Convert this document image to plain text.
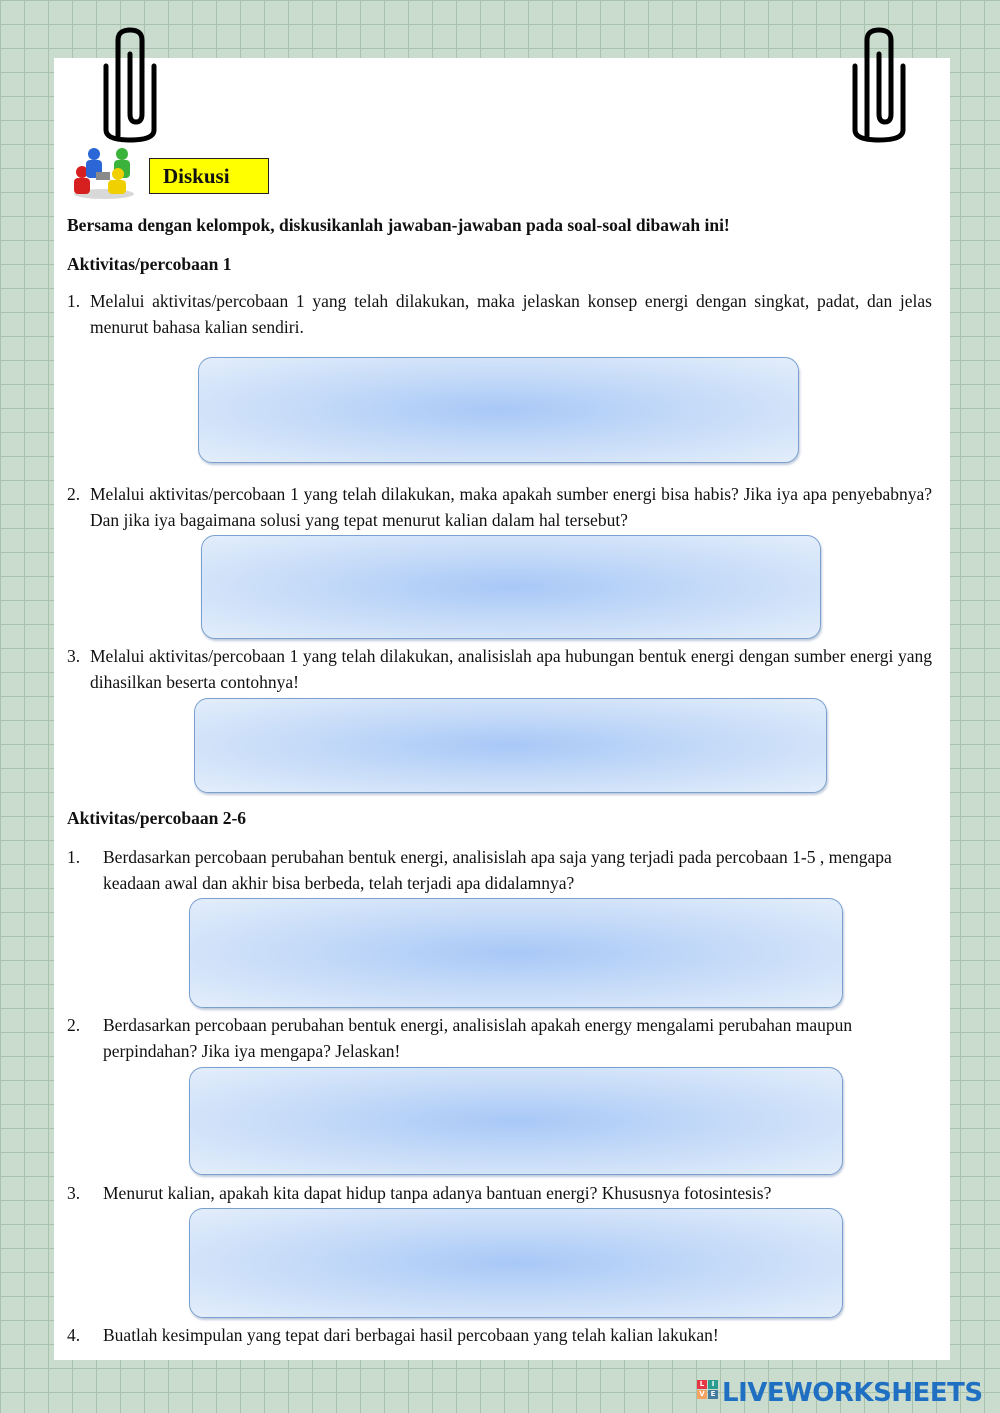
Diskusi
Bersama dengan kelompok, diskusikanlah jawaban-jawaban pada soal-soal dibawah ini!
Aktivitas/percobaan 1
1. Melalui aktivitas/percobaan 1 yang telah dilakukan, maka jelaskan konsep energi dengan singkat, padat, dan jelas menurut bahasa kalian sendiri.
2. Melalui aktivitas/percobaan 1 yang telah dilakukan, maka apakah sumber energi bisa habis? Jika iya apa penyebabnya? Dan jika iya bagaimana solusi yang tepat menurut kalian dalam hal tersebut?
3. Melalui aktivitas/percobaan 1 yang telah dilakukan, analisislah apa hubungan bentuk energi dengan sumber energi yang dihasilkan beserta contohnya!
Aktivitas/percobaan 2-6
1.	Berdasarkan percobaan perubahan bentuk energi, analisislah apa saja yang terjadi pada percobaan 1-5 , mengapa keadaan awal dan akhir bisa berbeda, telah terjadi apa didalamnya?
2.	Berdasarkan percobaan perubahan bentuk energi, analisislah apakah energy mengalami perubahan maupun perpindahan? Jika iya mengapa? Jelaskan!
3.	Menurut kalian, apakah kita dapat hidup tanpa adanya bantuan energi? Khususnya fotosintesis?
4.	Buatlah kesimpulan yang tepat dari berbagai hasil percobaan yang telah kalian lakukan!
L	I
V E LIVEWORKSHEETS
